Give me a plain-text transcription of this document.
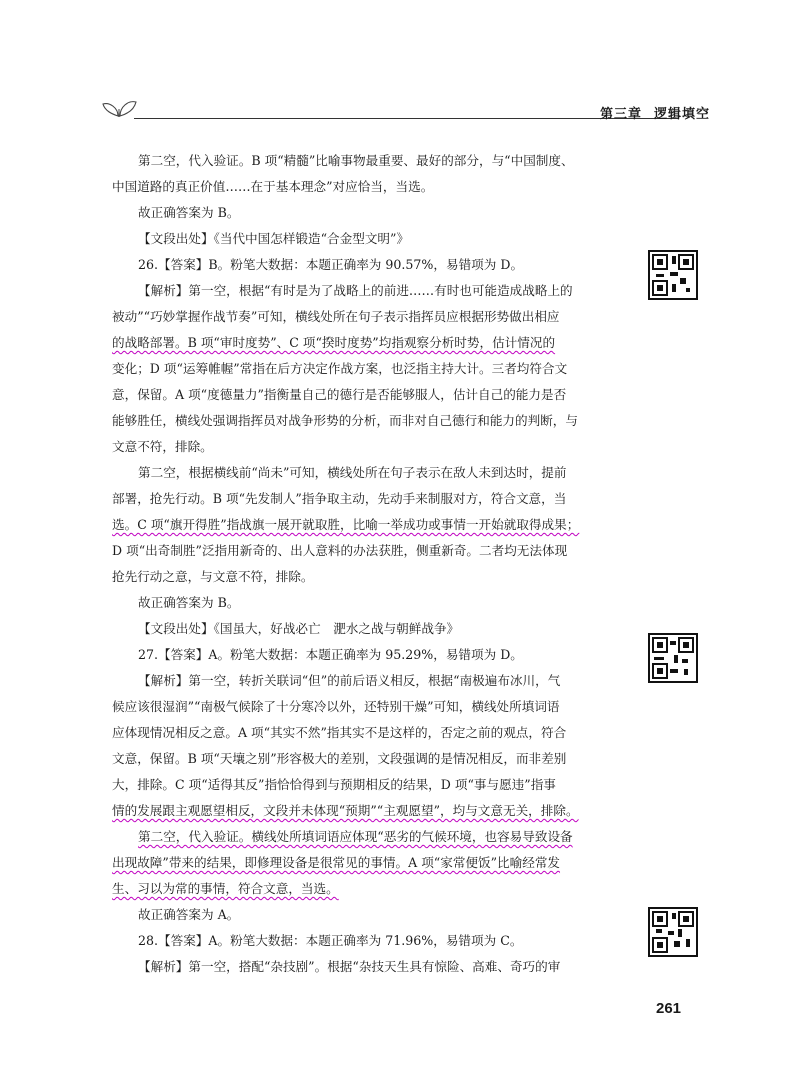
第三章 逻辑填空
第二空，代入验证。B 项“精髓”比喻事物最重要、最好的部分，与“中国制度、
中国道路的真正价值……在于基本理念”对应恰当，当选。
故正确答案为 B。
【文段出处】《当代中国怎样锻造“合金型文明”》
26.【答案】B。粉笔大数据：本题正确率为 90.57%，易错项为 D。
【解析】第一空，根据“有时是为了战略上的前进……有时也可能造成战略上的
被动”“巧妙掌握作战节奏”可知，横线处所在句子表示指挥员应根据形势做出相应
的战略部署。B 项“审时度势”、C 项“揆时度势”均指观察分析时势，估计情况的
变化；D 项“运筹帷幄”常指在后方决定作战方案，也泛指主持大计。三者均符合文
意，保留。A 项“度德量力”指衡量自己的德行是否能够服人，估计自己的能力是否
能够胜任，横线处强调指挥员对战争形势的分析，而非对自己德行和能力的判断，与
文意不符，排除。
第二空，根据横线前“尚未”可知，横线处所在句子表示在敌人未到达时，提前
部署，抢先行动。B 项“先发制人”指争取主动，先动手来制服对方，符合文意，当
选。C 项“旗开得胜”指战旗一展开就取胜，比喻一举成功或事情一开始就取得成果；
D 项“出奇制胜”泛指用新奇的、出人意料的办法获胜，侧重新奇。二者均无法体现
抢先行动之意，与文意不符，排除。
故正确答案为 B。
【文段出处】《国虽大，好战必亡　淝水之战与朝鲜战争》
27.【答案】A。粉笔大数据：本题正确率为 95.29%，易错项为 D。
【解析】第一空，转折关联词“但”的前后语义相反，根据“南极遍布冰川，气
候应该很湿润”“南极气候除了十分寒冷以外，还特别干燥”可知，横线处所填词语
应体现情况相反之意。A 项“其实不然”指其实不是这样的，否定之前的观点，符合
文意，保留。B 项“天壤之别”形容极大的差别，文段强调的是情况相反，而非差别
大，排除。C 项“适得其反”指恰恰得到与预期相反的结果，D 项“事与愿违”指事
情的发展跟主观愿望相反，文段并未体现“预期”“主观愿望”，均与文意无关，排除。
第二空，代入验证。横线处所填词语应体现“恶劣的气候环境，也容易导致设备
出现故障”带来的结果，即修理设备是很常见的事情。A 项“家常便饭”比喻经常发
生、习以为常的事情，符合文意，当选。
故正确答案为 A。
28.【答案】A。粉笔大数据：本题正确率为 71.96%，易错项为 C。
【解析】第一空，搭配“杂技剧”。根据“杂技天生具有惊险、高难、奇巧的审
261
